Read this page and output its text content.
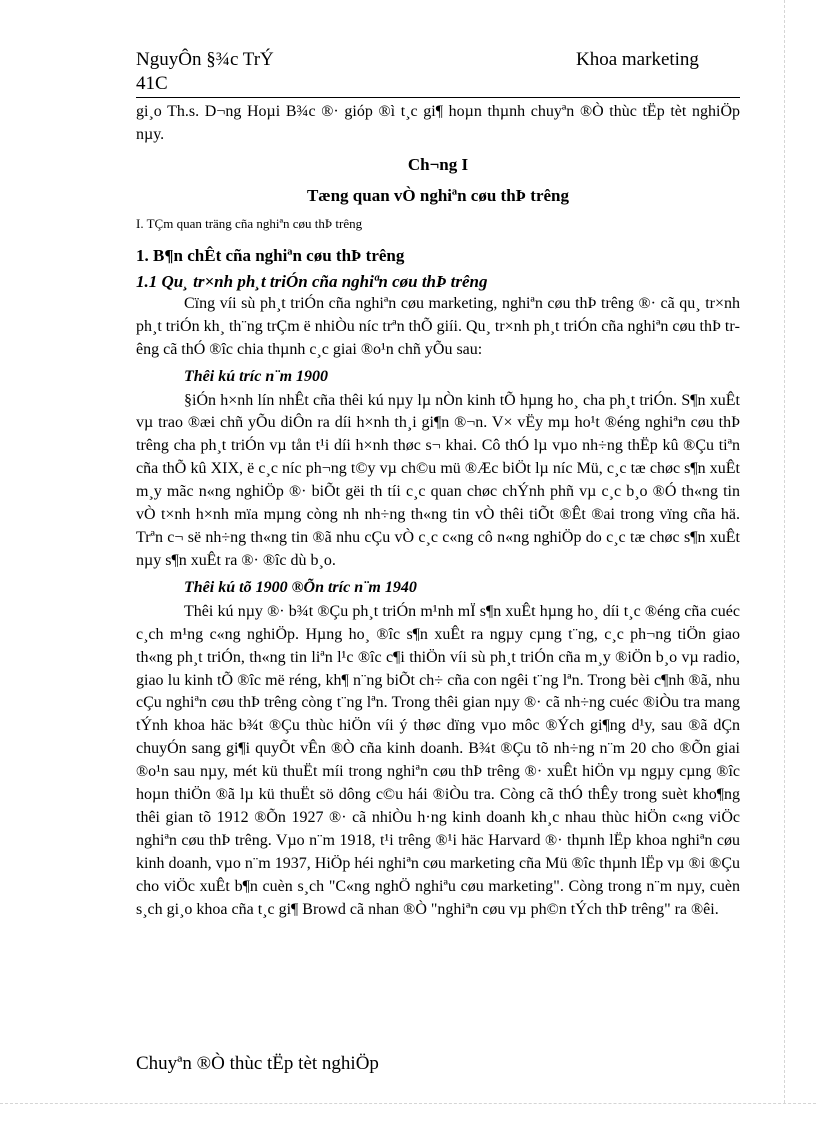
NguyÔn §¾c TrÝ
41C
Khoa marketing

gi¸o Th.s. D¬ng Hoµi B¾c ®· gióp ®ì t¸c gi¶ hoµn thµnh chuyªn ®Ò thùc tËp tèt nghiÖp nµy.

Ch¬ng I

Tæng quan vÒ nghiªn cøu thÞ trêng

I. TÇm quan träng cña nghiªn cøu thÞ trêng

1. B¶n chÊt cña nghiªn cøu thÞ trêng

1.1 Qu¸ tr×nh ph¸t triÓn cña nghiªn cøu thÞ trêng

Cïng víi sù ph¸t triÓn cña nghiªn cøu marketing, nghiªn cøu thÞ trêng ®· cã qu¸ tr×nh ph¸t triÓn kh¸ th¨ng trÇm ë nhiÒu níc trªn thÕ giíi. Qu¸ tr×nh ph¸t triÓn cña nghiªn cøu thÞ trêng cã thÓ ®îc chia thµnh c¸c giai ®o¹n chñ yÕu sau:

Thêi kú tríc n¨m 1900

§iÓn h×nh lín nhÊt cña thêi kú nµy lµ nÒn kinh tÕ hµng ho¸ cha ph¸t triÓn. S¶n xuÊt vµ trao ®æi chñ yÕu diÔn ra díi h×nh th¸i gi¶n ®¬n. V× vËy mµ ho¹t ®éng nghiªn cøu thÞ trêng cha ph¸t triÓn vµ tån t¹i díi h×nh thøc s¬ khai. Cô thÓ lµ vµo nh÷ng thËp kû ®Çu tiªn cña thÕ kû XIX, ë c¸c níc ph¬ng t©y vµ ch©u mü ®Æc biÖt lµ níc Mü, c¸c tæ chøc s¶n xuÊt m¸y mãc n«ng nghiÖp ®· biÕt gëi th tíi c¸c quan chøc chÝnh phñ vµ c¸c b¸o ®Ó th«ng tin vÒ t×nh h×nh mïa mµng còng nh nh÷ng th«ng tin vÒ thêi tiÕt ®Êt ®ai trong vïng cña hä. Trªn c¬ së nh÷ng th«ng tin ®ã nhu cÇu vÒ c¸c c«ng cô n«ng nghiÖp do c¸c tæ chøc s¶n xuÊt nµy s¶n xuÊt ra ®· ®îc dù b¸o.

Thêi kú tõ 1900 ®Õn tríc n¨m 1940

Thêi kú nµy ®· b¾t ®Çu ph¸t triÓn m¹nh mÏ s¶n xuÊt hµng ho¸ díi t¸c ®éng cña cuéc c¸ch m¹ng c«ng nghiÖp. Hµng ho¸ ®îc s¶n xuÊt ra ngµy cµng t¨ng, c¸c ph¬ng tiÖn giao th«ng ph¸t triÓn, th«ng tin liªn l¹c ®îc c¶i thiÖn víi sù ph¸t triÓn cña m¸y ®iÖn b¸o vµ radio, giao lu kinh tÕ ®îc më réng, kh¶ n¨ng biÕt ch÷ cña con ngêi t¨ng lªn. Trong bèi c¶nh ®ã, nhu cÇu nghiªn cøu thÞ trêng còng t¨ng lªn. Trong thêi gian nµy ®· cã nh÷ng cuéc ®iÒu tra mang tÝnh khoa häc b¾t ®Çu thùc hiÖn víi ý thøc dïng vµo môc ®Ých gi¶ng d¹y, sau ®ã dÇn chuyÓn sang gi¶i quyÕt vÊn ®Ò cña kinh doanh. B¾t ®Çu tõ nh÷ng n¨m 20 cho ®Õn giai ®o¹n sau nµy, mét kü thuËt míi trong nghiªn cøu thÞ trêng ®· xuÊt hiÖn vµ ngµy cµng ®îc hoµn thiÖn ®ã lµ kü thuËt sö dông c©u hái ®iÒu tra. Còng cã thÓ thÊy trong suèt kho¶ng thêi gian tõ 1912 ®Õn 1927 ®· cã nhiÒu h·ng kinh doanh kh¸c nhau thùc hiÖn c«ng viÖc nghiªn cøu thÞ trêng. Vµo n¨m 1918, t¹i trêng ®¹i häc Harvard ®· thµnh lËp khoa nghiªn cøu kinh doanh, vµo n¨m 1937, HiÖp héi nghiªn cøu marketing cña Mü ®îc thµnh lËp vµ ®i ®Çu cho viÖc xuÊt b¶n cuèn s¸ch "C«ng nghÖ nghiªu cøu marketing". Còng trong n¨m nµy, cuèn s¸ch gi¸o khoa cña t¸c gi¶ Browd cã nhan ®Ò "nghiªn cøu vµ ph©n tÝch thÞ trêng" ra ®êi.

Chuyªn ®Ò thùc tËp tèt nghiÖp
